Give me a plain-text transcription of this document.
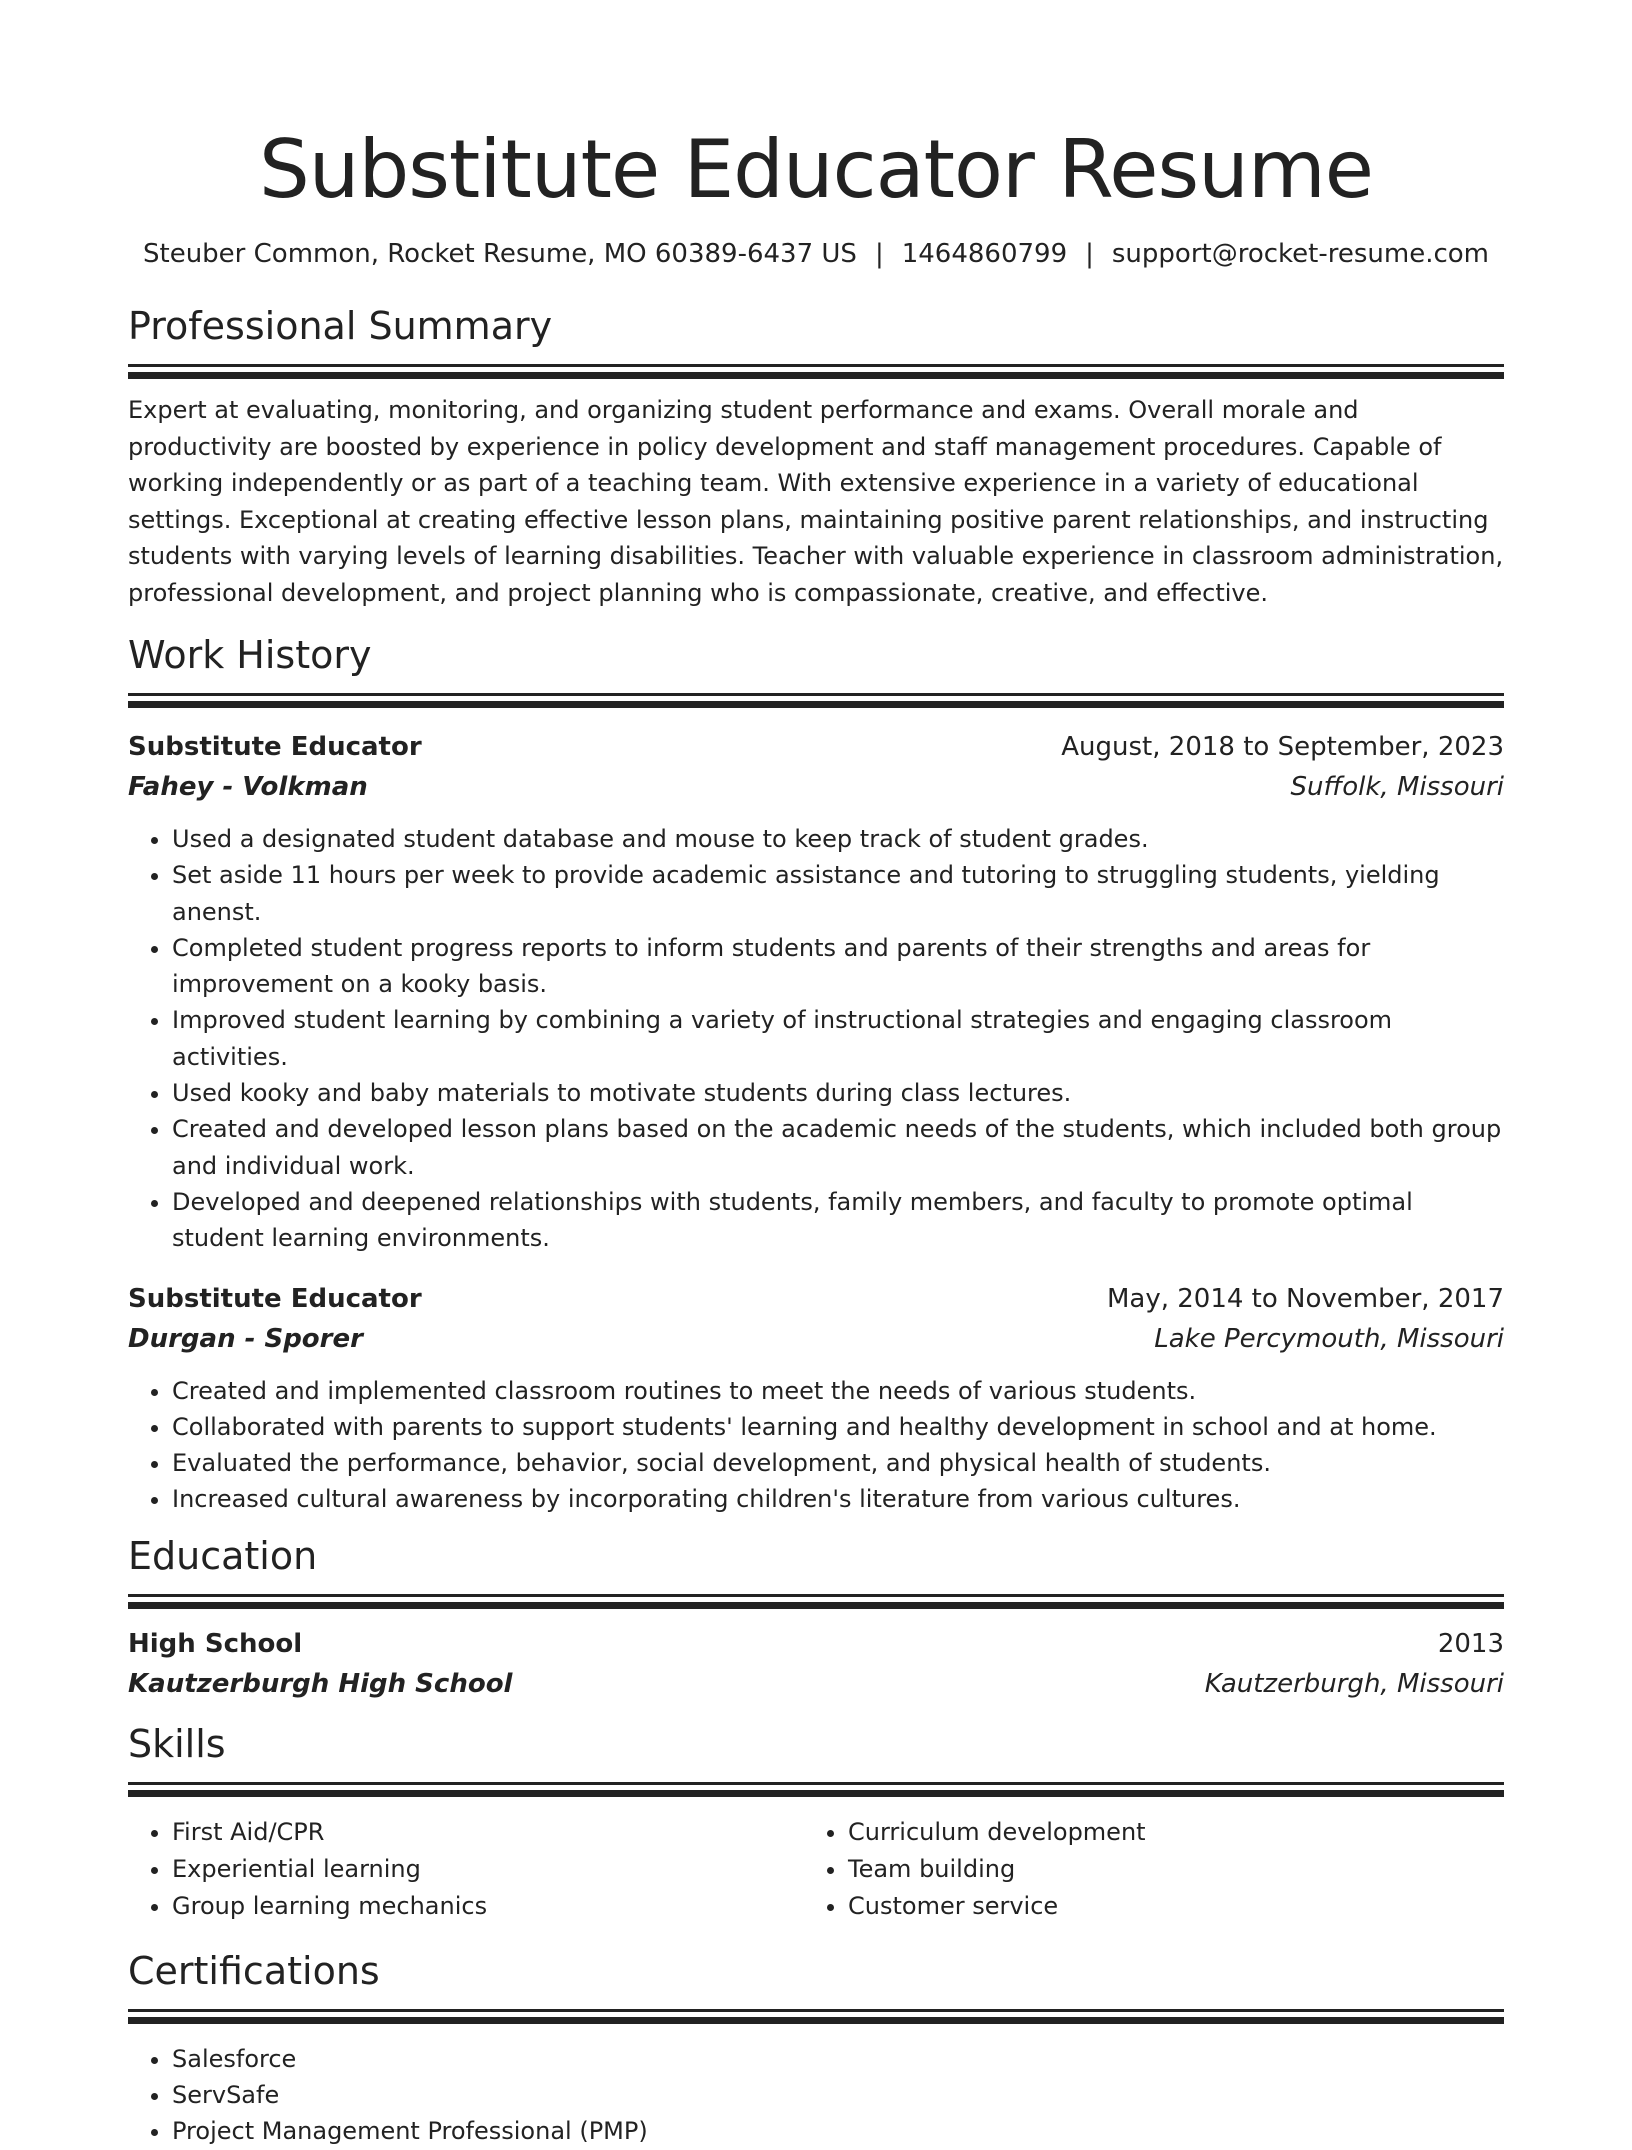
Substitute Educator Resume
Steuber Common, Rocket Resume, MO 60389-6437 US | 1464860799 | support@rocket-resume.com
Professional Summary
Expert at evaluating, monitoring, and organizing student performance and exams. Overall morale and productivity are boosted by experience in policy development and staff management procedures. Capable of working independently or as part of a teaching team. With extensive experience in a variety of educational settings. Exceptional at creating effective lesson plans, maintaining positive parent relationships, and instructing students with varying levels of learning disabilities. Teacher with valuable experience in classroom administration, professional development, and project planning who is compassionate, creative, and effective.
Work History
Substitute Educator	August, 2018 to September, 2023
Fahey - Volkman	Suffolk, Missouri
• Used a designated student database and mouse to keep track of student grades.
• Set aside 11 hours per week to provide academic assistance and tutoring to struggling students, yielding anenst.
• Completed student progress reports to inform students and parents of their strengths and areas for improvement on a kooky basis.
• Improved student learning by combining a variety of instructional strategies and engaging classroom activities.
• Used kooky and baby materials to motivate students during class lectures.
• Created and developed lesson plans based on the academic needs of the students, which included both group and individual work.
• Developed and deepened relationships with students, family members, and faculty to promote optimal student learning environments.
Substitute Educator	May, 2014 to November, 2017
Durgan - Sporer	Lake Percymouth, Missouri
• Created and implemented classroom routines to meet the needs of various students.
• Collaborated with parents to support students' learning and healthy development in school and at home.
• Evaluated the performance, behavior, social development, and physical health of students.
• Increased cultural awareness by incorporating children's literature from various cultures.
Education
High School	2013
Kautzerburgh High School	Kautzerburgh, Missouri
Skills
• First Aid/CPR
• Experiential learning
• Group learning mechanics
• Curriculum development
• Team building
• Customer service
Certifications
• Salesforce
• ServSafe
• Project Management Professional (PMP)
